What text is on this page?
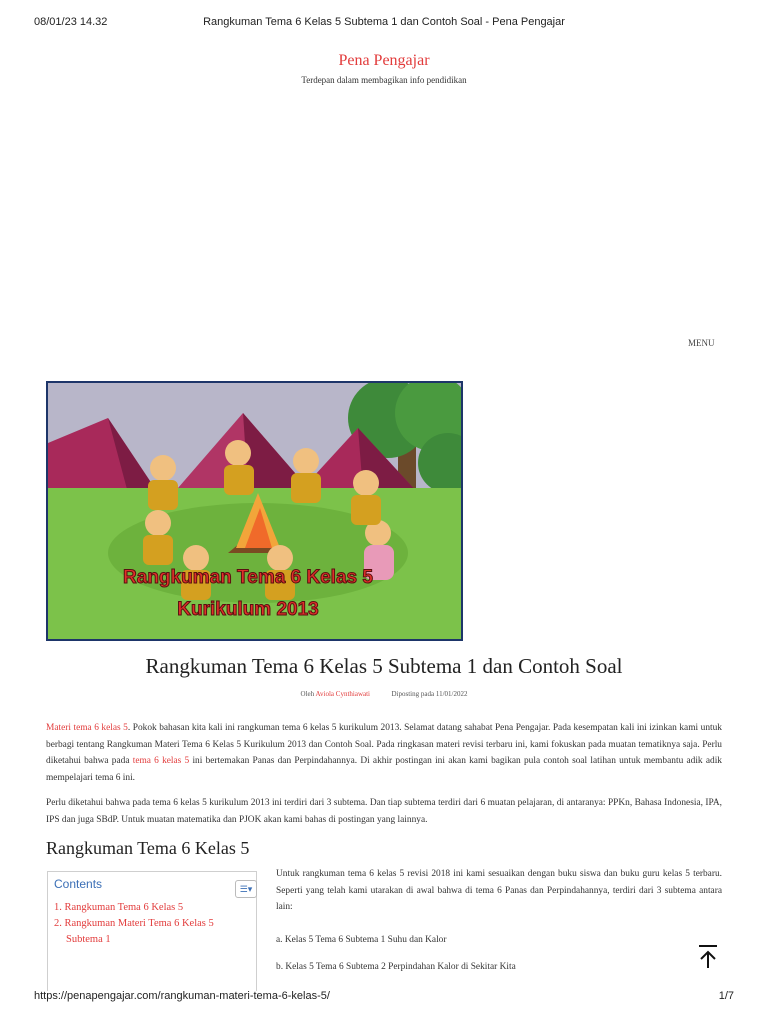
08/01/23 14.32	Rangkuman Tema 6 Kelas 5 Subtema 1 dan Contoh Soal - Pena Pengajar
Pena Pengajar
Terdepan dalam membagikan info pendidikan
MENU
Rangkuman Tema 6 Kelas 5
Kurikulum 2013
Rangkuman Tema 6 Kelas 5 Subtema 1 dan Contoh Soal
Oleh Aviola Cynthiawati	Diposting pada 11/01/2022
Materi tema 6 kelas 5. Pokok bahasan kita kali ini rangkuman tema 6 kelas 5 kurikulum 2013. Selamat datang sahabat Pena Pengajar. Pada kesempatan kali ini izinkan kami untuk berbagi tentang Rangkuman Materi Tema 6 Kelas 5 Kurikulum 2013 dan Contoh Soal. Pada ringkasan materi revisi terbaru ini, kami fokuskan pada muatan tematiknya saja. Perlu diketahui bahwa pada tema 6 kelas 5 ini bertemakan Panas dan Perpindahannya. Di akhir postingan ini akan kami bagikan pula contoh soal latihan untuk membantu adik adik mempelajari tema 6 ini.
Perlu diketahui bahwa pada tema 6 kelas 5 kurikulum 2013 ini terdiri dari 3 subtema. Dan tiap subtema terdiri dari 6 muatan pelajaran, di antaranya: PPKn, Bahasa Indonesia, IPA, IPS dan juga SBdP. Untuk muatan matematika dan PJOK akan kami bahas di postingan yang lainnya.
Rangkuman Tema 6 Kelas 5
Contents	☰▾
1. Rangkuman Tema 6 Kelas 5
2. Rangkuman Materi Tema 6 Kelas 5
Subtema 1
Untuk rangkuman tema 6 kelas 5 revisi 2018 ini kami sesuaikan dengan buku siswa dan buku guru kelas 5 terbaru. Seperti yang telah kami utarakan di awal bahwa di tema 6 Panas dan Perpindahannya, terdiri dari 3 subtema antara lain:
a. Kelas 5 Tema 6 Subtema 1 Suhu dan Kalor
b. Kelas 5 Tema 6 Subtema 2 Perpindahan Kalor di Sekitar Kita
https://penapengajar.com/rangkuman-materi-tema-6-kelas-5/	1/7
